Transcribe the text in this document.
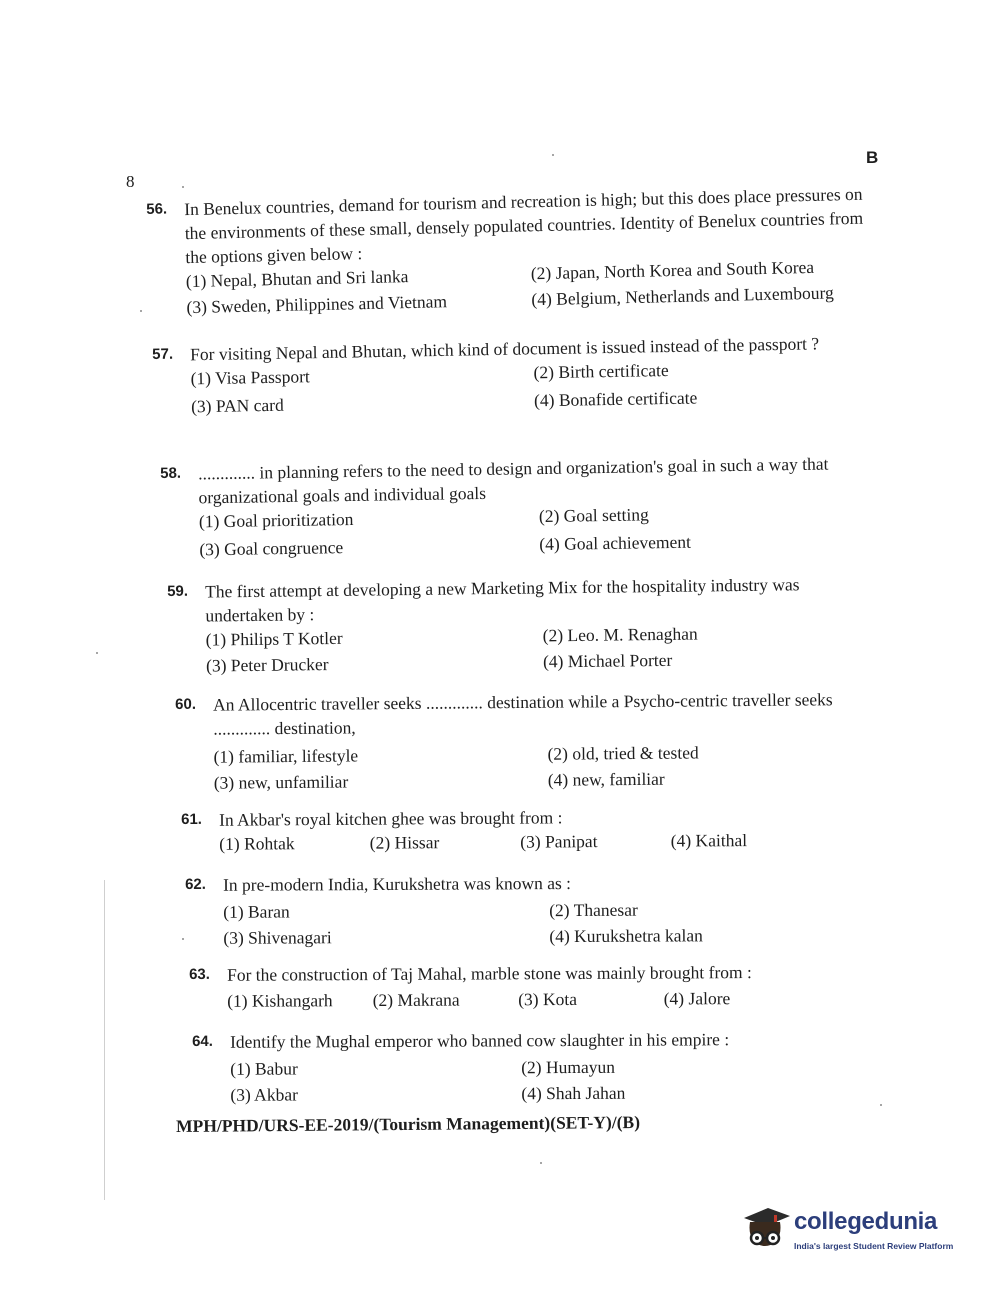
8
B
56. In Benelux countries, demand for tourism and recreation is high; but this does place pressures on the environments of these small, densely populated countries. Identity of Benelux countries from the options given below :
(1) Nepal, Bhutan and Sri lanka	(2) Japan, North Korea and South Korea
(3) Sweden, Philippines and Vietnam	(4) Belgium, Netherlands and Luxembourg
57. For visiting Nepal and Bhutan, which kind of document is issued instead of the passport ?
(1) Visa Passport	(2) Birth certificate
(3) PAN card	(4) Bonafide certificate
58. ............. in planning refers to the need to design and organization's goal in such a way that organizational goals and individual goals
(1) Goal prioritization	(2) Goal setting
(3) Goal congruence	(4) Goal achievement
59. The first attempt at developing a new Marketing Mix for the hospitality industry was undertaken by :
(1) Philips T Kotler	(2) Leo. M. Renaghan
(3) Peter Drucker	(4) Michael Porter
60. An Allocentric traveller seeks ............. destination while a Psycho-centric traveller seeks ............. destination,
(1) familiar, lifestyle	(2) old, tried & tested
(3) new, unfamiliar	(4) new, familiar
61. In Akbar's royal kitchen ghee was brought from :
(1) Rohtak	(2) Hissar	(3) Panipat	(4) Kaithal
62. In pre-modern India, Kurukshetra was known as :
(1) Baran	(2) Thanesar
(3) Shivenagari	(4) Kurukshetra kalan
63. For the construction of Taj Mahal, marble stone was mainly brought from :
(1) Kishangarh	(2) Makrana	(3) Kota	(4) Jalore
64. Identify the Mughal emperor who banned cow slaughter in his empire :
(1) Babur	(2) Humayun
(3) Akbar	(4) Shah Jahan
MPH/PHD/URS-EE-2019/(Tourism Management)(SET-Y)/(B)
collegedunia
India's largest Student Review Platform
